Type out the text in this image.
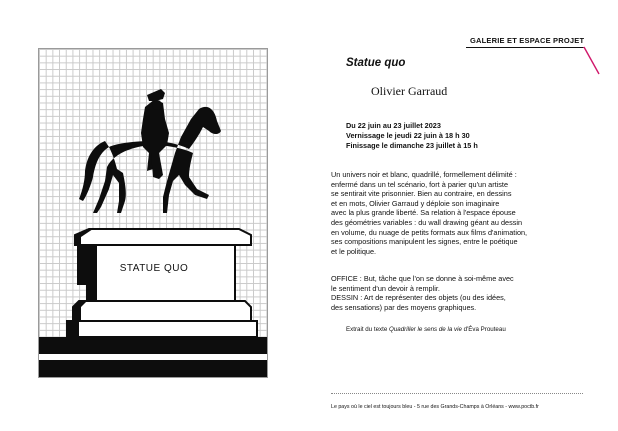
STATUE QUO
GALERIE ET ESPACE PROJET
Statue quo
Olivier Garraud
Du 22 juin au 23 juillet 2023
Vernissage le jeudi 22 juin à 18 h 30
Finissage le dimanche 23 juillet à 15 h
Un univers noir et blanc, quadrillé, formellement délimité :
enfermé dans un tel scénario, fort à parier qu'un artiste
se sentirait vite prisonnier. Bien au contraire, en dessins
et en mots, Olivier Garraud y déploie son imaginaire
avec la plus grande liberté. Sa relation à l'espace épouse
des géométries variables : du wall drawing géant au dessin
en volume, du nuage de petits formats aux films d'animation,
ses compositions manipulent les signes, entre le poétique
et le politique.
OFFICE : But, tâche que l'on se donne à soi-même avec
le sentiment d'un devoir à remplir.
DESSIN : Art de représenter des objets (ou des idées,
des sensations) par des moyens graphiques.
Extrait du texte Quadriller le sens de la vie d'Éva Prouteau
Le pays où le ciel est toujours bleu - 5 rue des Grands-Champs à Orléans - www.poctb.fr
